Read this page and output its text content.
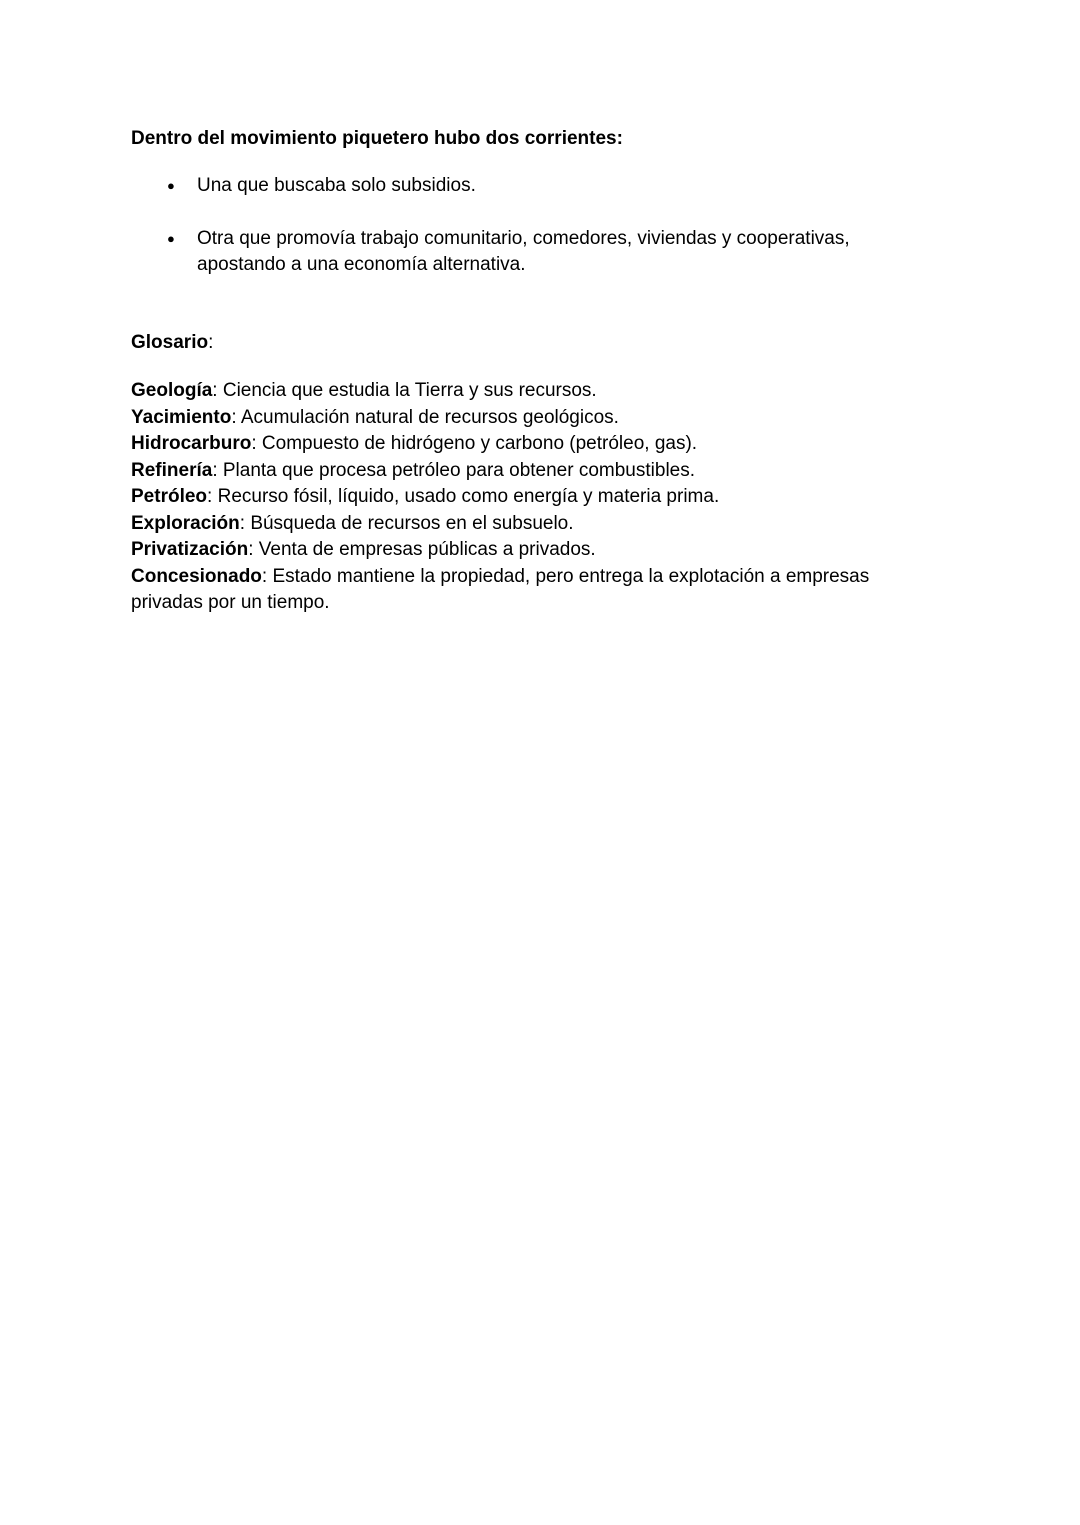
Dentro del movimiento piquetero hubo dos corrientes:

● Una que buscaba solo subsidios.
● Otra que promovía trabajo comunitario, comedores, viviendas y cooperativas, apostando a una economía alternativa.

Glosario:

Geología: Ciencia que estudia la Tierra y sus recursos.

Yacimiento: Acumulación natural de recursos geológicos.

Hidrocarburo: Compuesto de hidrógeno y carbono (petróleo, gas).

Refinería: Planta que procesa petróleo para obtener combustibles.

Petróleo: Recurso fósil, líquido, usado como energía y materia prima.

Exploración: Búsqueda de recursos en el subsuelo.

Privatización: Venta de empresas públicas a privados.

Concesionado: Estado mantiene la propiedad, pero entrega la explotación a empresas privadas por un tiempo.
